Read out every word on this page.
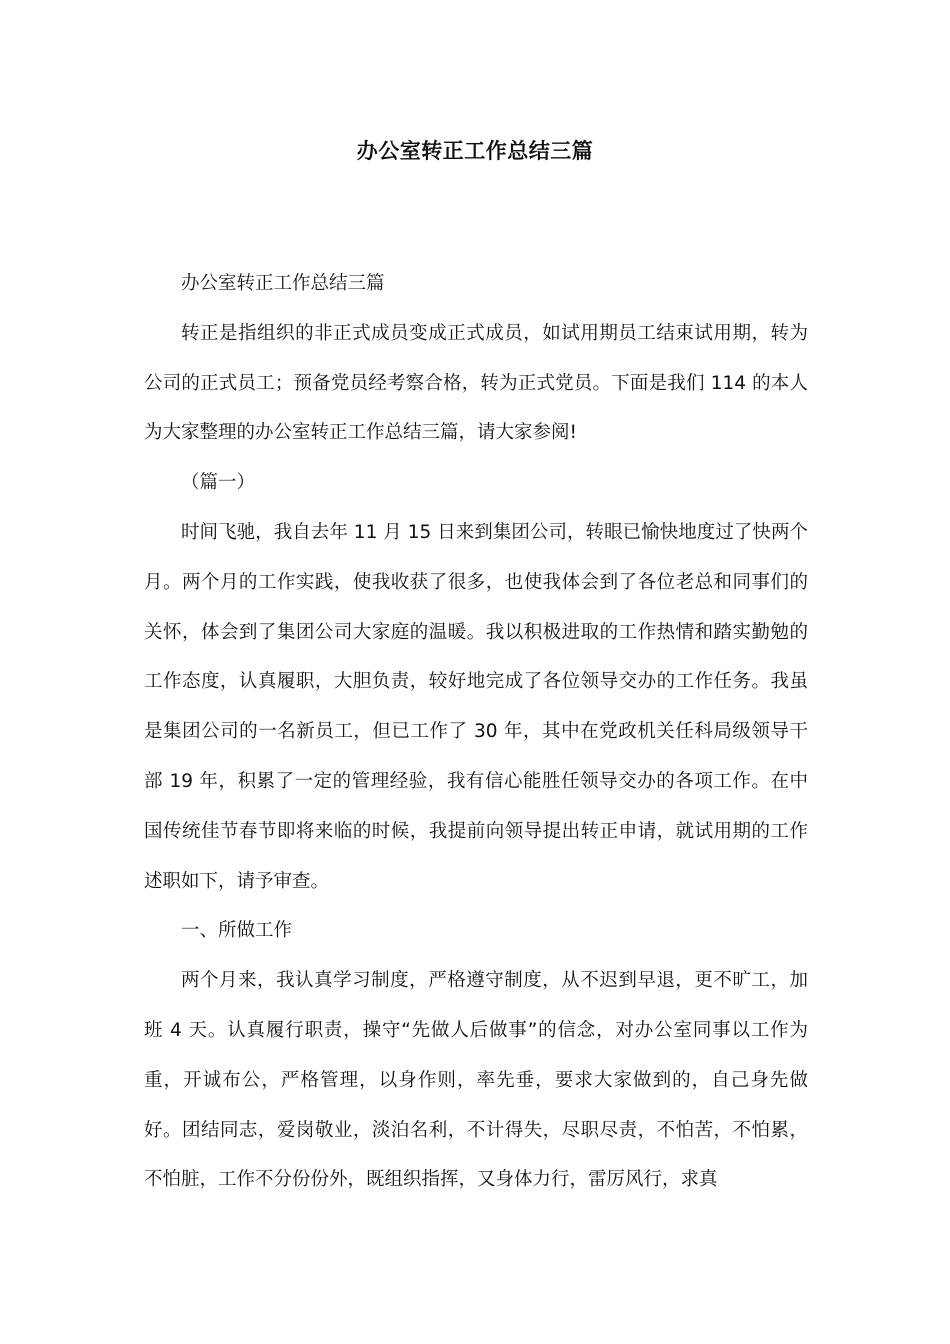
办公室转正工作总结三篇

办公室转正工作总结三篇

转正是指组织的非正式成员变成正式成员，如试用期员工结束试用期，转为公司的正式员工；预备党员经考察合格，转为正式党员。下面是我们 114 的本人为大家整理的办公室转正工作总结三篇，请大家参阅!

（篇一）

时间飞驰，我自去年 11 月 15 日来到集团公司，转眼已愉快地度过了快两个月。两个月的工作实践，使我收获了很多，也使我体会到了各位老总和同事们的关怀，体会到了集团公司大家庭的温暖。我以积极进取的工作热情和踏实勤勉的工作态度，认真履职，大胆负责，较好地完成了各位领导交办的工作任务。我虽是集团公司的一名新员工，但已工作了 30 年，其中在党政机关任科局级领导干部 19 年，积累了一定的管理经验，我有信心能胜任领导交办的各项工作。在中国传统佳节春节即将来临的时候，我提前向领导提出转正申请，就试用期的工作述职如下，请予审查。

一、所做工作

两个月来，我认真学习制度，严格遵守制度，从不迟到早退，更不旷工，加班 4 天。认真履行职责，操守“先做人后做事”的信念，对办公室同事以工作为重，开诚布公，严格管理，以身作则，率先垂，要求大家做到的，自己身先做好。团结同志，爱岗敬业，淡泊名利，不计得失，尽职尽责，不怕苦，不怕累，不怕脏，工作不分份份外，既组织指挥，又身体力行，雷厉风行，求真
